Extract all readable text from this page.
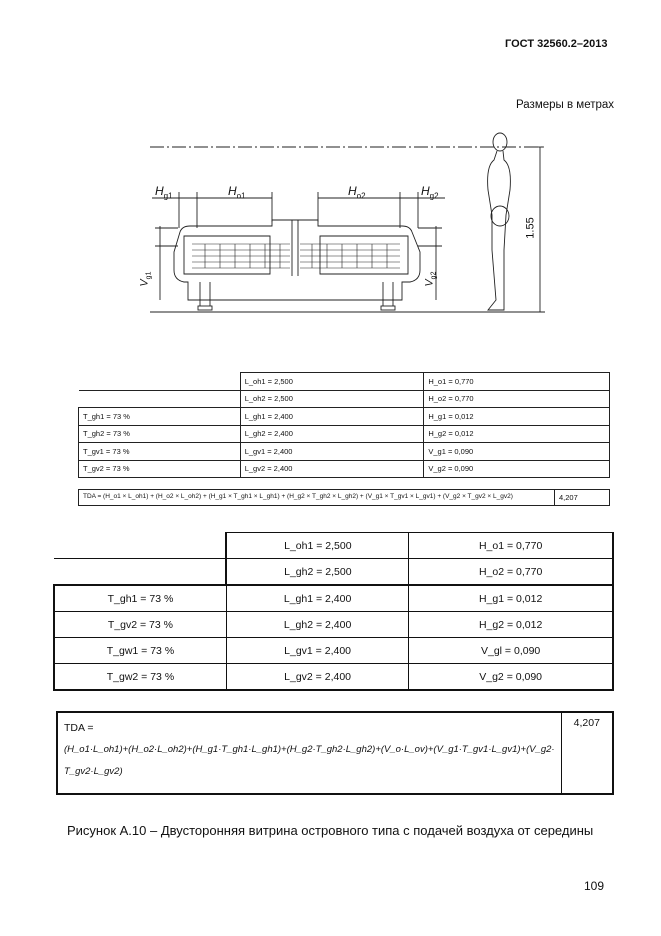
ГОСТ 32560.2–2013
Размеры в метрах
$H_{g1}$	$H_{o1}$	$H_{o2}$	$H_{g2}$
$V_{g1}$
$V_{g2}$
1.55
	L_oh1 = 2,500	H_o1 = 0,770
	L_oh2 = 2,500	H_o2 = 0,770
T_gh1 = 73 %	L_gh1 = 2,400	H_g1 = 0,012
T_gh2 = 73 %	L_gh2 = 2,400	H_g2 = 0,012
T_gv1 = 73 %	L_gv1 = 2,400	V_g1 = 0,090
T_gv2 = 73 %	L_gv2 = 2,400	V_g2 = 0,090
TDA = (H_o1 × L_oh1) + (H_o2 × L_oh2) + (H_g1 × T_gh1 × L_gh1) + (H_g2 × T_gh2 × L_gh2) + (V_g1 × T_gv1 × L_gv1) + (V_g2 × T_gv2 × L_gv2)	4,207
	L_oh1 = 2,500	H_o1 = 0,770
	L_gh2 = 2,500	H_o2 = 0,770
T_gh1 = 73 %	L_gh1 = 2,400	H_g1 = 0,012
T_gv2 = 73 %	L_gh2 = 2,400	H_g2 = 0,012
T_gw1 = 73 %	L_gv1 = 2,400	V_gl = 0,090
T_gw2 = 73 %	L_gv2 = 2,400	V_g2 = 0,090
TDA =
(H_o1·L_oh1)+(H_o2·L_oh2)+(H_g1·T_gh1·L_gh1)+(H_g2·T_gh2·L_gh2)+(V_o·L_ov)+(V_g1·T_gv1·L_gv1)+(V_g2·
T_gv2·L_gv2)
4,207
Рисунок А.10 – Двусторонняя витрина островного типа с подачей воздуха от середины
109
